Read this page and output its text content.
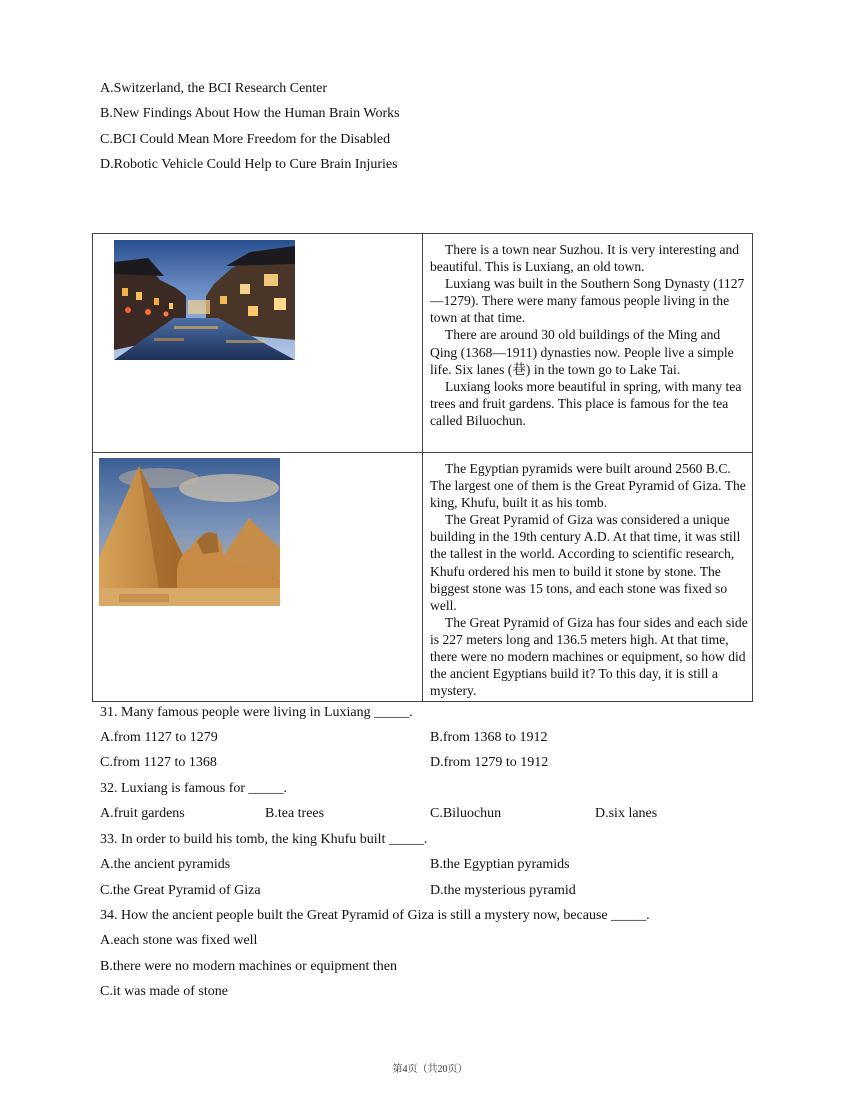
A.Switzerland, the BCI Research Center
B.New Findings About How the Human Brain Works
C.BCI Could Mean More Freedom for the Disabled
D.Robotic Vehicle Could Help to Cure Brain Injuries

There is a town near Suzhou. It is very interesting and beautiful. This is Luxiang, an old town.

Luxiang was built in the Southern Song Dynasty (1127—1279). There were many famous people living in the town at that time.

There are around 30 old buildings of the Ming and Qing (1368—1911) dynasties now. People live a simple life. Six lanes (巷) in the town go to Lake Tai.

Luxiang looks more beautiful in spring, with many tea trees and fruit gardens. This place is famous for the tea called Biluochun.

The Egyptian pyramids were built around 2560 B.C. The largest one of them is the Great Pyramid of Giza. The king, Khufu, built it as his tomb.

The Great Pyramid of Giza was considered a unique building in the 19th century A.D. At that time, it was still the tallest in the world. According to scientific research, Khufu ordered his men to build it stone by stone. The biggest stone was 15 tons, and each stone was fixed so well.

The Great Pyramid of Giza has four sides and each side is 227 meters long and 136.5 meters high. At that time, there were no modern machines or equipment, so how did the ancient Egyptians build it? To this day, it is still a mystery.

31. Many famous people were living in Luxiang _____.
A.from 1127 to 1279	B.from 1368 to 1912
C.from 1127 to 1368	D.from 1279 to 1912
32. Luxiang is famous for _____.
A.fruit gardens	B.tea trees	C.Biluochun	D.six lanes
33. In order to build his tomb, the king Khufu built _____.
A.the ancient pyramids	B.the Egyptian pyramids
C.the Great Pyramid of Giza	D.the mysterious pyramid
34. How the ancient people built the Great Pyramid of Giza is still a mystery now, because _____.
A.each stone was fixed well
B.there were no modern machines or equipment then
C.it was made of stone
第4页（共20页）
